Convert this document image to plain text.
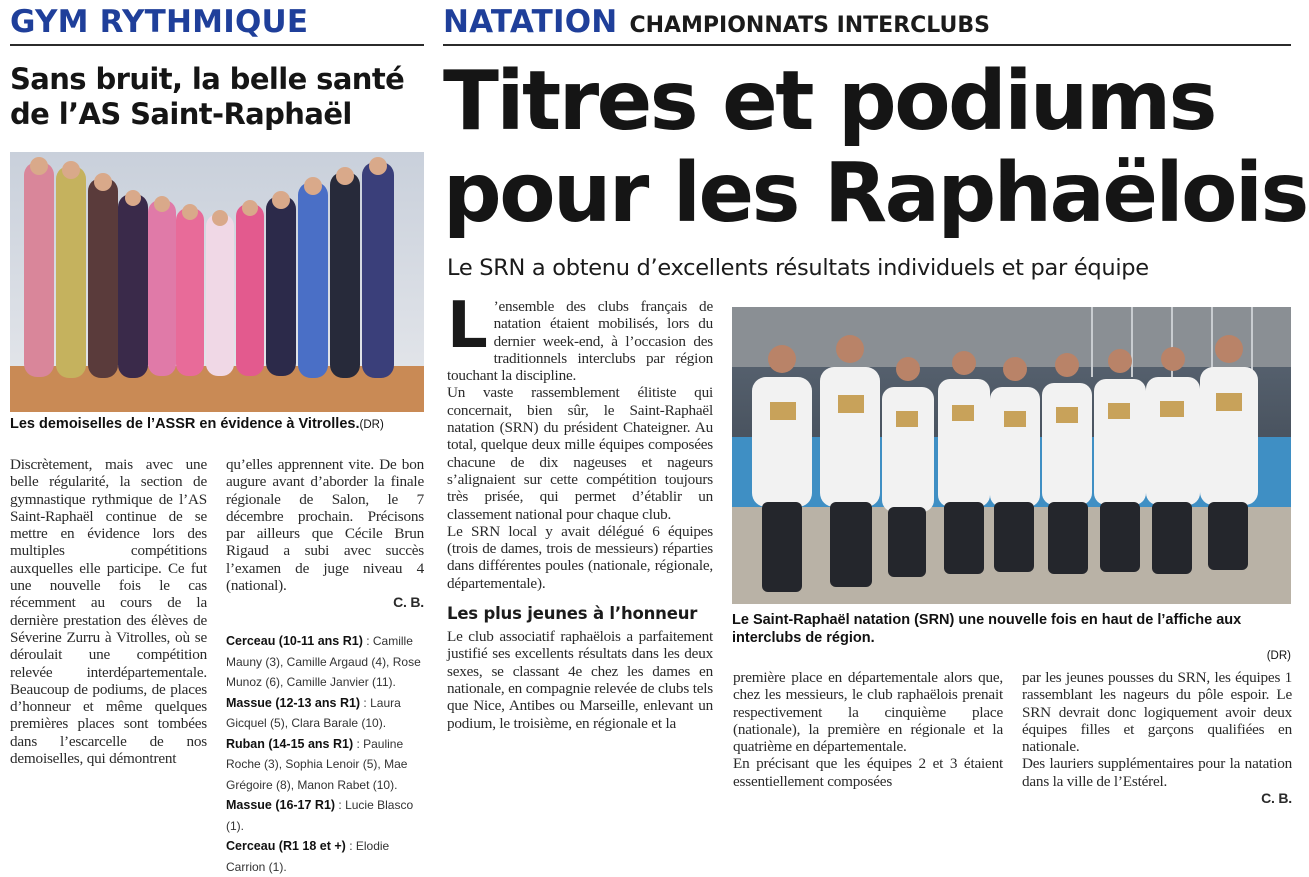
GYM RYTHMIQUE
Sans bruit, la belle santé
de l’AS Saint-Raphaël
Les demoiselles de l’ASSR en évidence à Vitrolles.(DR)

Discrètement, mais avec une belle régularité, la section de gymnastique rythmique de l’AS Saint-Raphaël continue de se mettre en évidence lors des multiples compétitions auxquelles elle participe. Ce fut une nouvelle fois le cas récemment au cours de la dernière prestation des élèves de Séverine Zurru à Vitrolles, où se déroulait une compétition relevée interdépartementale. Beaucoup de podiums, de places d’honneur et même quelques premières places sont tombées dans l’escarcelle de nos demoiselles, qui démontrent

qu’elles apprennent vite. De bon augure avant d’aborder la finale régionale de Salon, le 7 décembre prochain. Précisons par ailleurs que Cécile Brun Rigaud a subi avec succès l’examen de juge niveau 4 (national).

C. B.
Cerceau (10-11 ans R1) : Camille Mauny (3), Camille Argaud (4), Rose Munoz (6), Camille Janvier (11).
Massue (12-13 ans R1) : Laura Gicquel (5), Clara Barale (10).
Ruban (14-15 ans R1) : Pauline Roche (3), Sophia Lenoir (5), Mae Grégoire (8), Manon Rabet (10).
Massue (16-17 R1) : Lucie Blasco (1).
Cerceau (R1 18 et +) : Elodie Carrion (1).
NATATION CHAMPIONNATS INTERCLUBS
Titres et podiums
pour les Raphaëlois
Le SRN a obtenu d’excellents résultats individuels et par équipe

L ’ensemble des clubs français de natation étaient mobilisés, lors du dernier week-end, à l’occasion des traditionnels interclubs par région touchant la discipline.

Un vaste rassemblement élitiste qui concernait, bien sûr, le Saint-Raphaël natation (SRN) du président Chateigner. Au total, quelque deux mille équipes composées chacune de dix nageuses et nageurs s’alignaient sur cette compétition toujours très prisée, qui permet d’établir un classement national pour chaque club.

Le SRN local y avait délégué 6 équipes (trois de dames, trois de messieurs) réparties dans différentes poules (nationale, régionale, départementale).

Les plus jeunes à l’honneur

Le club associatif raphaëlois a parfaitement justifié ses excellents résultats dans les deux sexes, se classant 4e chez les dames en nationale, en compagnie relevée de clubs tels que Nice, Antibes ou Marseille, enlevant un podium, le troisième, en régionale et la

Le Saint-Raphaël natation (SRN) une nouvelle fois en haut de l’affiche aux interclubs de région.
(DR)

première place en départementale alors que, chez les messieurs, le club raphaëlois prenait respectivement la cinquième place (nationale), la première en régionale et la quatrième en départementale.

En précisant que les équipes 2 et 3 étaient essentiellement composées

par les jeunes pousses du SRN, les équipes 1 rassemblant les nageurs du pôle espoir. Le SRN devrait donc logiquement avoir deux équipes filles et garçons qualifiées en nationale.

Des lauriers supplémentaires pour la natation dans la ville de l’Estérel.

C. B.
